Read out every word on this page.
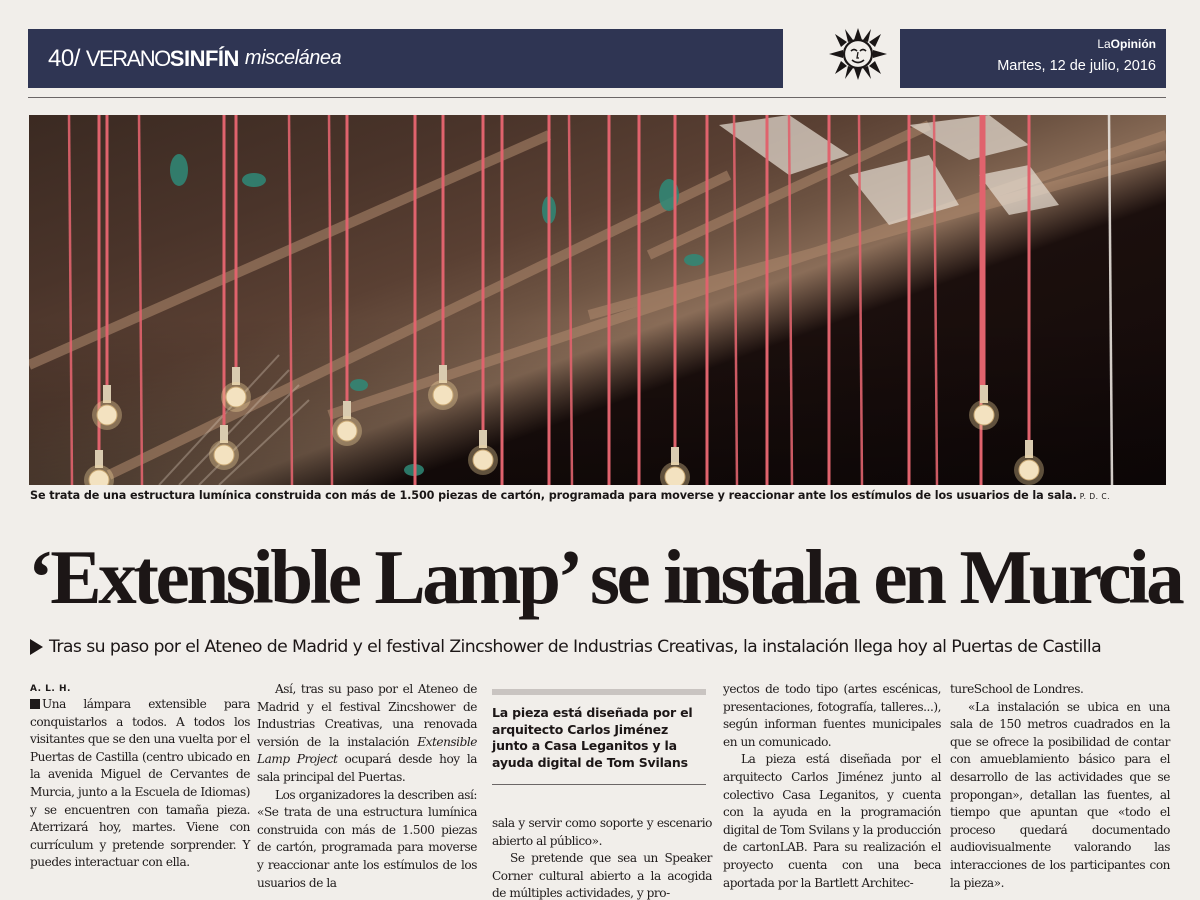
40/ VERANO SINFÍN miscelánea
LaOpinión
Martes, 12 de julio, 2016
Se trata de una estructura lumínica construida con más de 1.500 piezas de cartón, programada para moverse y reaccionar ante los estímulos de los usuarios de la sala. P. D. C.
‘Extensible Lamp’ se instala en Murcia
Tras su paso por el Ateneo de Madrid y el festival Zincshower de Industrias Creativas, la instalación llega hoy al Puertas de Castilla
A. L. H.

Una lámpara extensible para conquistarlos a todos. A todos los visitantes que se den una vuelta por el Puertas de Castilla (centro ubicado en la avenida Miguel de Cervantes de Murcia, junto a la Escuela de Idiomas) y se encuentren con tamaña pieza. Aterrizará hoy, martes. Viene con currículum y pretende sorprender. Y puedes interactuar con ella.

Así, tras su paso por el Ateneo de Madrid y el festival Zincshower de Industrias Creativas, una renovada versión de la instalación Extensible Lamp Project ocupará desde hoy la sala principal del Puertas.

Los organizadores la describen así: «Se trata de una estructura lumínica construida con más de 1.500 piezas de cartón, programada para moverse y reaccionar ante los estímulos de los usuarios de la

La pieza está diseñada por el arquitecto Carlos Jiménez junto a Casa Leganitos y la ayuda digital de Tom Svilans

sala y servir como soporte y escenario abierto al público».

Se pretende que sea un Speaker Corner cultural abierto a la acogida de múltiples actividades, y pro-

yectos de todo tipo (artes escénicas, presentaciones, fotografía, talleres...), según informan fuentes municipales en un comunicado.

La pieza está diseñada por el arquitecto Carlos Jiménez junto al colectivo Casa Leganitos, y cuenta con la ayuda en la programación digital de Tom Svilans y la producción de cartonLAB. Para su realización el proyecto cuenta con una beca aportada por la Bartlett Architec-

tureSchool de Londres.

«La instalación se ubica en una sala de 150 metros cuadrados en la que se ofrece la posibilidad de contar con amueblamiento básico para el desarrollo de las actividades que se propongan», detallan las fuentes, al tiempo que apuntan que «todo el proceso quedará documentado audiovisualmente valorando las interacciones de los participantes con la pieza».
